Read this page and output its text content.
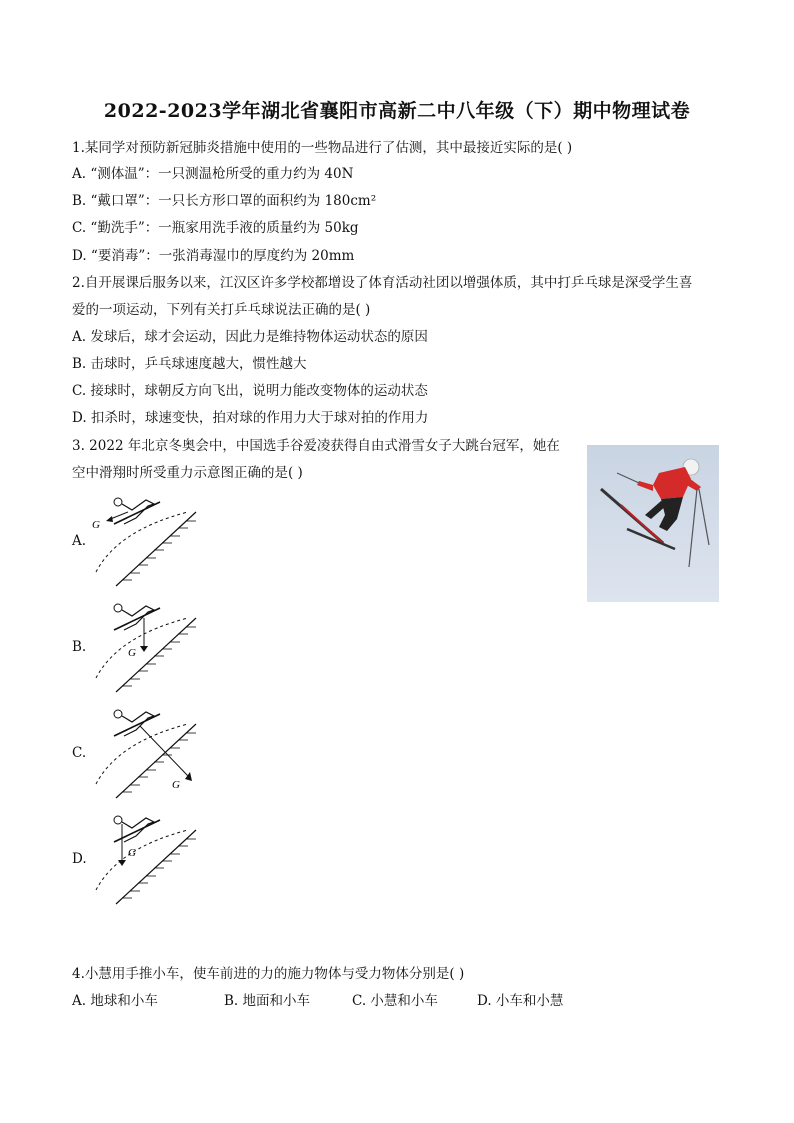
2022-2023学年湖北省襄阳市高新二中八年级（下）期中物理试卷
1.某同学对预防新冠肺炎措施中使用的一些物品进行了估测，其中最接近实际的是( )
A. “测体温”：一只测温枪所受的重力约为 40N
B. “戴口罩”：一只长方形口罩的面积约为 180cm²
C. “勤洗手”：一瓶家用洗手液的质量约为 50kg
D. “要消毒”：一张消毒湿巾的厚度约为 20mm
2.自开展课后服务以来，江汉区许多学校都增设了体育活动社团以增强体质，其中打乒乓球是深受学生喜
爱的一项运动，下列有关打乒乓球说法正确的是( )
A. 发球后，球才会运动，因此力是维持物体运动状态的原因
B. 击球时，乒乓球速度越大，惯性越大
C. 接球时，球朝反方向飞出，说明力能改变物体的运动状态
D. 扣杀时，球速变快，拍对球的作用力大于球对拍的作用力
3. 2022 年北京冬奥会中，中国选手谷爱凌获得自由式滑雪女子大跳台冠军，她在
空中滑翔时所受重力示意图正确的是( )
A.
G
B.	G
C.
G
D.	G
4.小慧用手推小车，使车前进的力的施力物体与受力物体分别是( )
A. 地球和小车	B. 地面和小车	C. 小慧和小车	D. 小车和小慧
